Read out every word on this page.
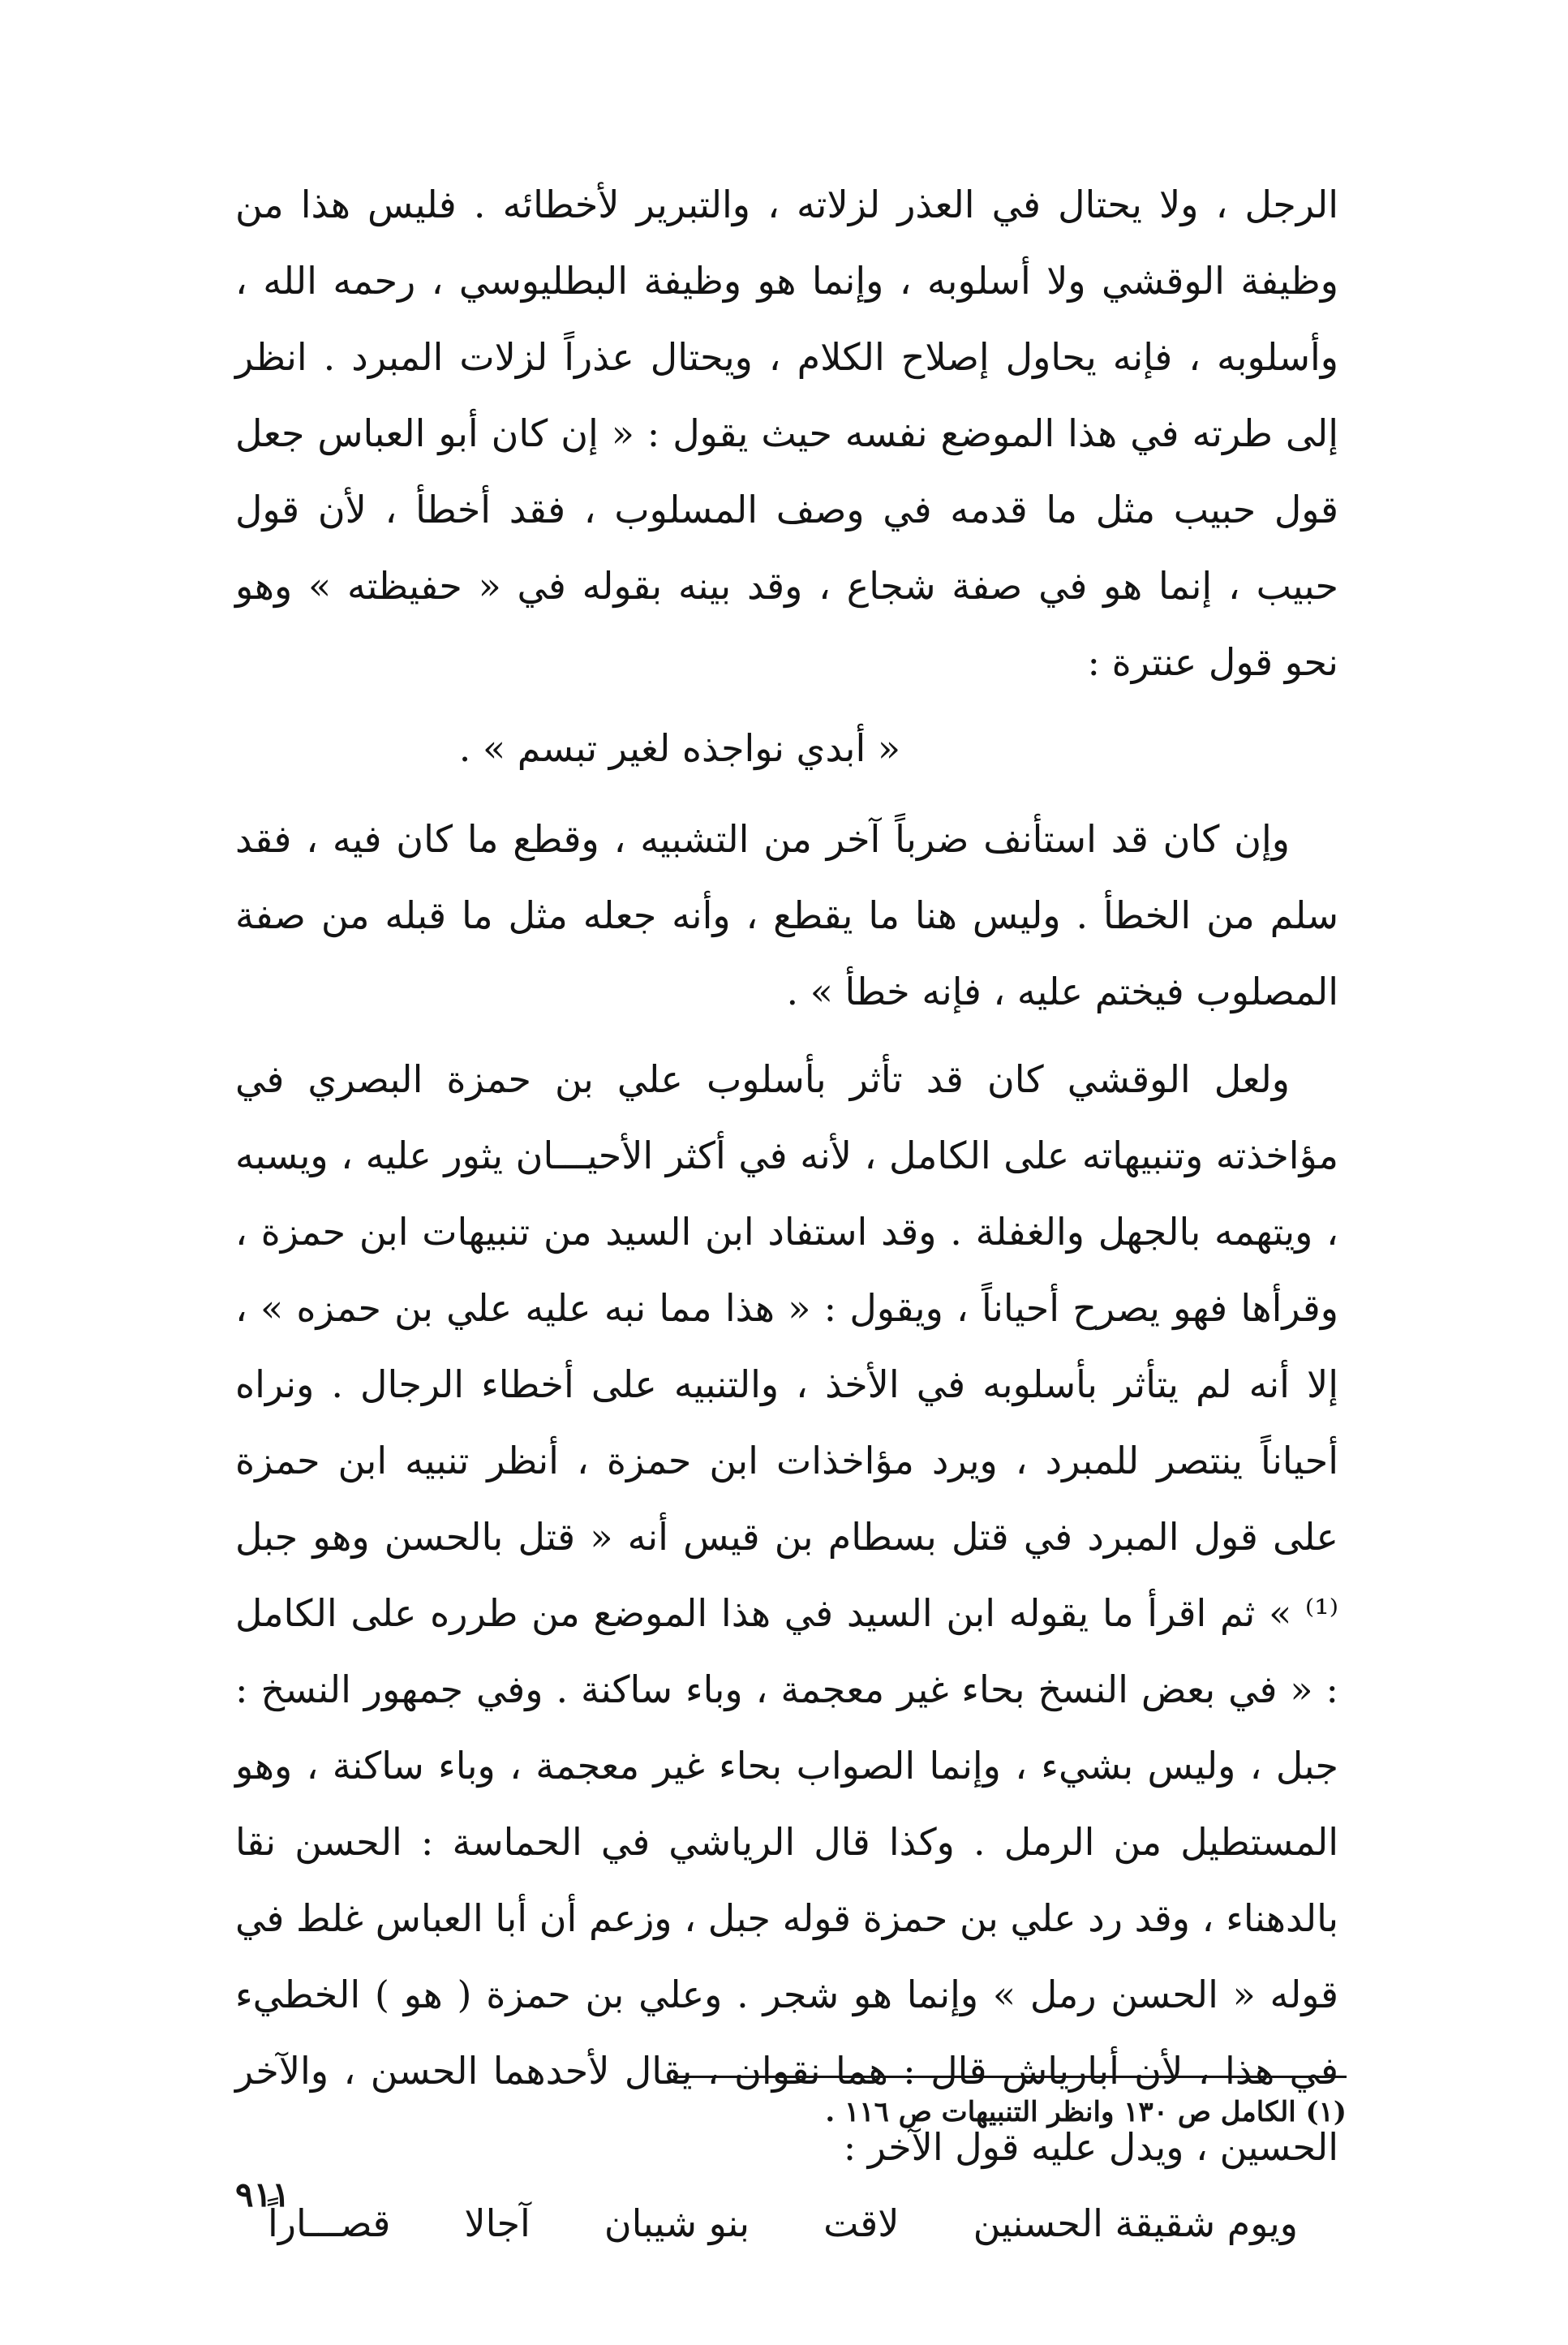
الرجل ، ولا يحتال في العذر لزلاته ، والتبرير لأخطائه . فليس هذا من وظيفة الوقشي ولا أسلوبه ، وإنما هو وظيفة البطليوسي ، رحمه الله ، وأسلوبه ، فإنه يحاول إصلاح الكلام ، ويحتال عذراً لزلات المبرد . انظر إلى طرته في هذا الموضع نفسه حيث يقول : « إن كان أبو العباس جعل قول حبيب مثل ما قدمه في وصف المسلوب ، فقد أخطأ ، لأن قول حبيب ، إنما هو في صفة شجاع ، وقد بينه بقوله في « حفيظته » وهو نحو قول عنترة :

« أبدي نواجذه لغير تبسم » .

وإن كان قد استأنف ضرباً آخر من التشبيه ، وقطع ما كان فيه ، فقد سلم من الخطأ . وليس هنا ما يقطع ، وأنه جعله مثل ما قبله من صفة المصلوب فيختم عليه ، فإنه خطأ » .

ولعل الوقشي كان قد تأثر بأسلوب علي بن حمزة البصري في مؤاخذته وتنبيهاته على الكامل ، لأنه في أكثر الأحيـــان يثور عليه ، ويسبه ، ويتهمه بالجهل والغفلة . وقد استفاد ابن السيد من تنبيهات ابن حمزة ، وقرأها فهو يصرح أحياناً ، ويقول : « هذا مما نبه عليه علي بن حمزه » ، إلا أنه لم يتأثر بأسلوبه في الأخذ ، والتنبيه على أخطاء الرجال . ونراه أحياناً ينتصر للمبرد ، ويرد مؤاخذات ابن حمزة ، أنظر تنبيه ابن حمزة على قول المبرد في قتل بسطام بن قيس أنه « قتل بالحسن وهو جبل ⁽¹⁾ » ثم اقرأ ما يقوله ابن السيد في هذا الموضع من طرره على الكامل : « في بعض النسخ بحاء غير معجمة ، وباء ساكنة . وفي جمهور النسخ : جبل ، وليس بشيء ، وإنما الصواب بحاء غير معجمة ، وباء ساكنة ، وهو المستطيل من الرمل . وكذا قال الرياشي في الحماسة : الحسن نقا بالدهناء ، وقد رد علي بن حمزة قوله جبل ، وزعم أن أبا العباس غلط في قوله « الحسن رمل » وإنما هو شجر . وعلي بن حمزة ( هو ) الخطيء في هذا ، لأن أبارياش قال : هما نقوان ، يقال لأحدهما الحسن ، والآخر الحسين ، ويدل عليه قول الآخر :

ويوم شقيقة الحسنين
لاقت
بنو شيبان
آجالا
قصـــاراً
(١) الكامل ص ١٣٠ وانظر التنبيهات ص ١١٦ .
٩١١
